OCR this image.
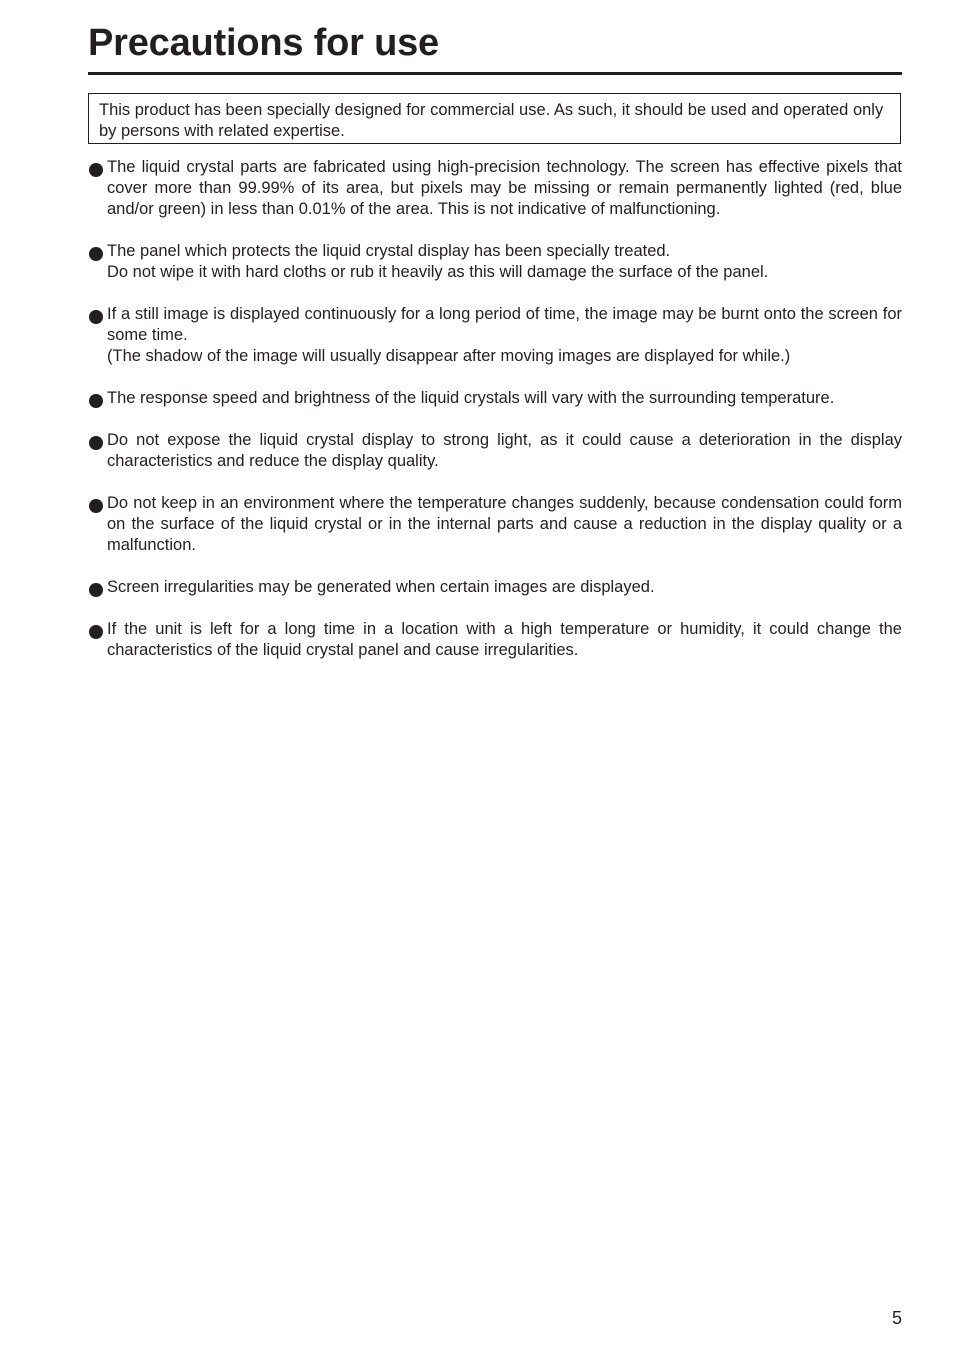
Precautions for use
This product has been specially designed for commercial use. As such, it should be used and operated only by persons with related expertise.
The liquid crystal parts are fabricated using high-precision technology. The screen has effective pixels that cover more than 99.99% of its area, but pixels may be missing or remain permanently lighted (red, blue and/or green) in less than 0.01% of the area. This is not indicative of malfunctioning.
The panel which protects the liquid crystal display has been specially treated.
Do not wipe it with hard cloths or rub it heavily as this will damage the surface of the panel.
If a still image is displayed continuously for a long period of time, the image may be burnt onto the screen for some time.
(The shadow of the image will usually disappear after moving images are displayed for while.)
The response speed and brightness of the liquid crystals will vary with the surrounding temperature.
Do not expose the liquid crystal display to strong light, as it could cause a deterioration in the display characteristics and reduce the display quality.
Do not keep in an environment where the temperature changes suddenly, because condensation could form on the surface of the liquid crystal or in the internal parts and cause a reduction in the display quality or a malfunction.
Screen irregularities may be generated when certain images are displayed.
If the unit is left for a long time in a location with a high temperature or humidity, it could change the characteristics of the liquid crystal panel and cause irregularities.
5
